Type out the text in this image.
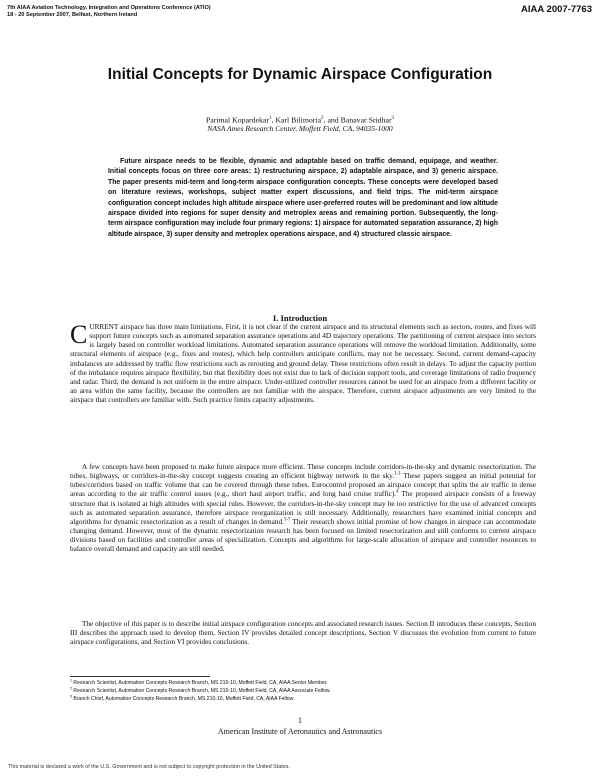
7th AIAA Aviation Technology, Integration and Operations Conference (ATIO)
18 - 20 September 2007, Belfast, Northern Ireland	AIAA 2007-7763
Initial Concepts for Dynamic Airspace Configuration
Parimal Kopardekar$^1$, Karl Bilimoria$^2$, and Banavar Sridhar$^3$
NASA Ames Research Center, Moffett Field, CA, 94035-1000

Future airspace needs to be flexible, dynamic and adaptable based on traffic demand, equipage, and weather. Initial concepts focus on three core areas: 1) restructuring airspace, 2) adaptable airspace, and 3) generic airspace. The paper presents mid-term and long-term airspace configuration concepts. These concepts were developed based on literature reviews, workshops, subject matter expert discussions, and field trips. The mid-term airspace configuration concept includes high altitude airspace where user-preferred routes will be predominant and low altitude airspace divided into regions for super density and metroplex areas and remaining portion. Subsequently, the long-term airspace configuration may include four primary regions: 1) airspace for automated separation assurance, 2) high altitude airspace, 3) super density and metroplex operations airspace, and 4) structured classic airspace.

I. Introduction

CURRENT airspace has three main limitations. First, it is not clear if the current airspace and its structural elements such as sectors, routes, and fixes will support future concepts such as automated separation assurance operations and 4D trajectory operations. The partitioning of current airspace into sectors is largely based on controller workload limitations. Automated separation assurance operations will remove the workload limitation. Additionally, some structural elements of airspace (e.g., fixes and routes), which help controllers anticipate conflicts, may not be necessary. Second, current demand-capacity imbalances are addressed by traffic flow restrictions such as rerouting and ground delay. These restrictions often result in delays. To adjust the capacity portion of the imbalance requires airspace flexibility, but that flexibility does not exist due to lack of decision support tools, and coverage limitations of radio frequency and radar. Third, the demand is not uniform in the entire airspace. Under-utilized controller resources cannot be used for an airspace from a different facility or an area within the same facility, because the controllers are not familiar with the airspace. Therefore, current airspace adjustments are very limited to the airspace that controllers are familiar with. Such practice limits capacity adjustments.

A few concepts have been proposed to make future airspace more efficient. These concepts include corridors-in-the-sky and dynamic resectorization. The tubes, highways, or corridors-in-the-sky concept suggests creating an efficient highway network in the sky.$^{1-3}$ These papers suggest an initial potential for tubes/corridors based on traffic volume that can be covered through these tubes. Eurocontrol proposed an airspace concept that splits the air traffic in dense areas according to the air traffic control issues (e.g., short haul airport traffic, and long haul cruise traffic).$^4$ The proposed airspace consists of a freeway structure that is isolated at high altitudes with special rules. However, the corridors-in-the-sky concept may be too restrictive for the use of advanced concepts such as automated separation assurance, therefore airspace reorganization is still necessary. Additionally, researchers have examined initial concepts and algorithms for dynamic resectorization as a result of changes in demand.$^{5-7}$ Their research shows initial promise of how changes in airspace can accommodate changing demand. However, most of the dynamic resectorization research has been focused on limited resectorization and still conforms to current airspace divisions based on facilities and controller areas of specialization. Concepts and algorithms for large-scale allocation of airspace and controller resources to balance overall demand and capacity are still needed.

The objective of this paper is to describe initial airspace configuration concepts and associated research issues. Section II introduces these concepts, Section III describes the approach used to develop them, Section IV provides detailed concept descriptions, Section V discusses the evolution from current to future airspace configurations, and Section VI provides conclusions.

$^1$ Research Scientist, Automation Concepts Research Branch, MS 210-10, Moffett Field, CA, AIAA Senior Member.
$^2$ Research Scientist, Automation Concepts Research Branch, MS 210-10, Moffett Field, CA, AIAA Associate Fellow.
$^3$ Branch Chief, Automation Concepts Research Branch, MS 210-10, Moffett Field, CA, AIAA Fellow.
1
American Institute of Aeronautics and Astronautics
This material is declared a work of the U.S. Government and is not subject to copyright protection in the United States.
